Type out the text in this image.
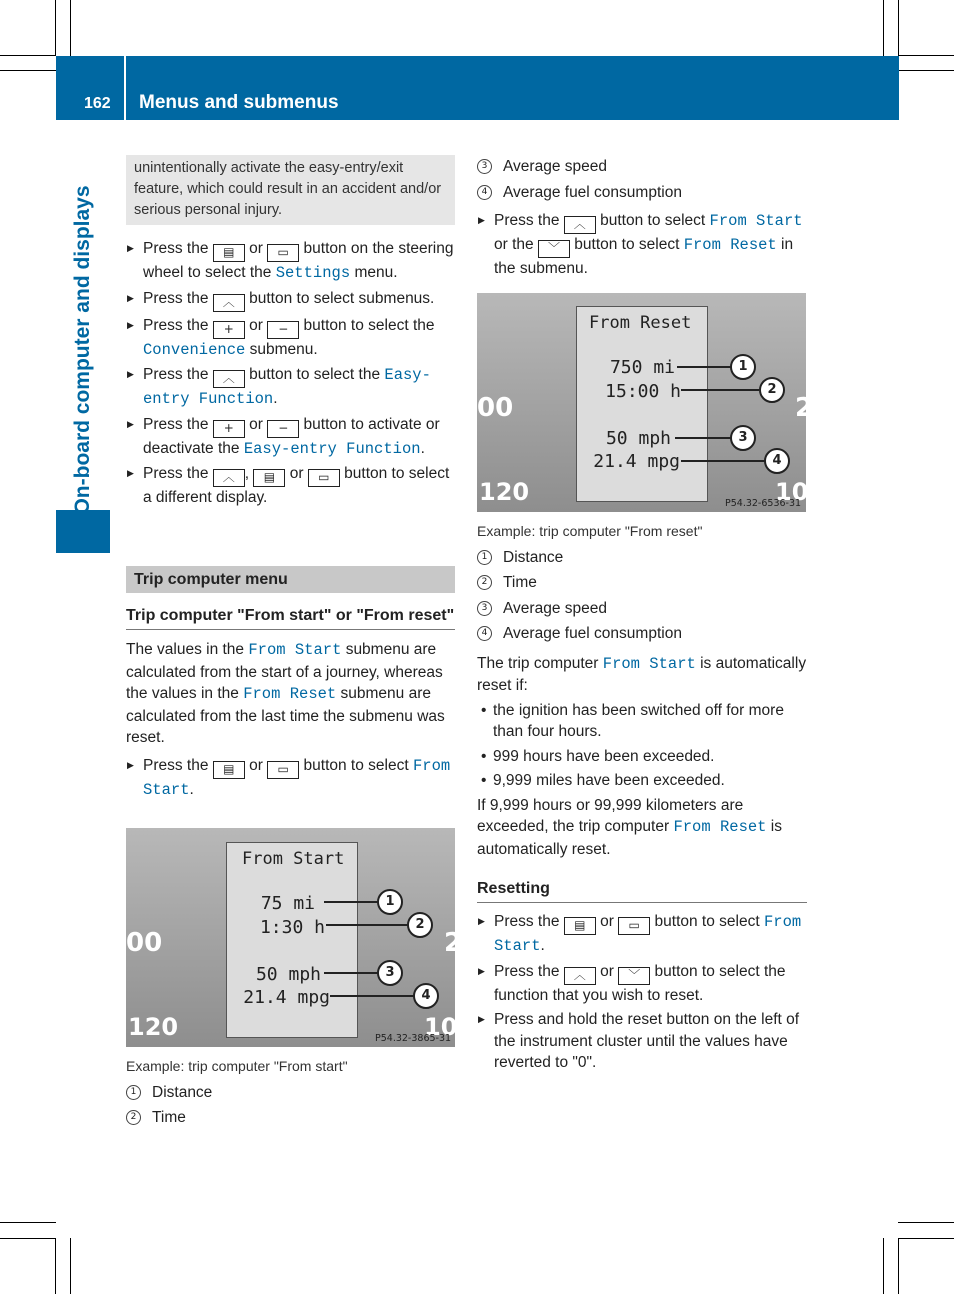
162 Menus and submenus
On-board computer and displays
unintentionally activate the easy-entry/exit feature, which could result in an accident and/or serious personal injury.
▶ Press the ▤ or ▭ button on the steering wheel to select the Settings menu.
▶ Press the ︿ button to select submenus.
▶ Press the + or − button to select the Convenience submenu.
▶ Press the ︿ button to select the Easy-entry Function.
▶ Press the + or − button to activate or deactivate the Easy-entry Function.
▶ Press the ︿ , ▤ or ▭ button to select a different display.
Trip computer menu
Trip computer "From start" or "From reset"
The values in the From Start submenu are calculated from the start of a journey, whereas the values in the From Reset submenu are calculated from the last time the submenu was reset.
▶ Press the ▤ or ▭ button to select From Start.
00
120	10
2
From Start
75 mi
1:30 h
50 mph
21.4 mpg
1
2
3
4
P54.32-3865-31
Example: trip computer "From start"
1 Distance
2 Time
3 Average speed
4 Average fuel consumption
▶ Press the ︿ button to select From Start or the ﹀ button to select From Reset in the submenu.
00
120	10
2
From Reset
750 mi
15:00 h
50 mph
21.4 mpg
1
2
3
4
P54.32-6536-31
Example: trip computer "From reset"
1 Distance
2 Time
3 Average speed
4 Average fuel consumption
The trip computer From Start is automatically reset if:
• the ignition has been switched off for more than four hours.
• 999 hours have been exceeded.
• 9,999 miles have been exceeded.
If 9,999 hours or 99,999 kilometers are exceeded, the trip computer From Reset is automatically reset.
Resetting
▶ Press the ▤ or ▭ button to select From Start.
▶ Press the ︿ or ﹀ button to select the function that you wish to reset.
▶ Press and hold the reset button on the left of the instrument cluster until the values have reverted to "0".
